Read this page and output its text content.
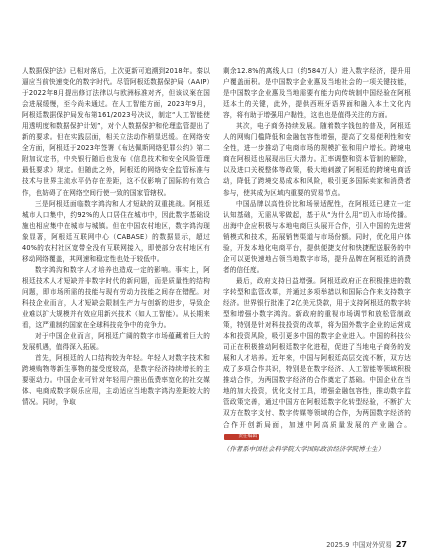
人数据保护法》已相对落后，上次更新可追溯到2018年。秦以逼应当前快速变化的数字时代。尽管阿根廷数据保护局（AAIP）于2022年8月提出修订法律以与欧洲标准对齐，但该议案在国会进展缓慢，至今尚未通过。在人工智能方面，2023年9月，阿根廷数据保护局发布第161/2023号决议，制定“人工智能使用透明度和数据保护计划”，对个人数据保护和伦理监管提出了新的要求。但在实践层面，相关立法动作稍显迟缓。在网络安全方面，阿根廷于2023年签署《布达佩斯网络犯罪公约》第二附加议定书，中央银行随后也发布《信息技术和安全风险管理最低要求》规定。但随此之外，阿根廷的网络安全监管标准与技术与世界主流水平仍存在差距，这不仅影响了国际的有效合作，也妨碍了在网络空间行使一致的国家管辖权。

三是阿根廷面临数字鸿沟和人才短缺的双重挑战。阿根廷城市人口集中，约92%的人口居住在城市中，因此数字基础设施也相应集中在城市与城镇。但在中国农村地区，数字鸿沟现象显著，阿根廷互联网中心（CABASE）的数据显示，超过40%的农村社区宽带全没有互联网接入，即使部分农村地区有移动网络覆盖，其网速和稳定性也处于较低中。

数字鸿沟和数字人才培养也造成一定的影响。事实上，阿根廷技术人才短缺并非数字时代的新问题，而是质量性的结构问题，即市场所需的技能与现有劳动力技能之间存在错配。对科技企业而言，人才短缺会限制生产力与创新的进步，导致企业难以扩大规模并有效应用新兴技术（如人工智能）。从长期来看，这严重制约国家在全球科技竞争中的竞争力。

对于中国企业而言，阿根廷广阔的数字市场蕴藏着巨大的发展机遇，值得深入拓展。

首先，阿根廷的人口结构较为年轻。年轻人对数字技术和跨境购物等新生事物的接受度较高，是数字经济持续增长的主要驱动力。中国企业可针对年轻用户推出低费率宽化的社交媒体、电商成数字娱乐应用，主动适应当地数字鸿沟差距较大的情况。同时，争取

剩余12.8%的离线人口（约584万人）进入数字经济，提升用户覆盖面积。是中国数字企业惠及当地社会的一项关键技能，是中国数字企业惠及当地需要有能力向传统制中国经验在阿根廷本土的关键，此外，提供西班牙语界面和融入本土文化内容，将有助于增强用户黏性，这也也是值得关注的方面。

其次，电子商务持续发展。随着数字钱包的普及，阿根廷人的网购门槛降低和金融包容性增强，提高了交易便利性和安全性，进一步推动了电商市场的规模扩张和用户增长。跨境电商在阿根廷也展现出巨大潜力。汇率调整和资本管制的解除，以及进口关税整体等政策，极大地刺激了阿根廷的跨境电商活动，降低了跨境交易成本和风险，吸引更多国际卖家和消费者参与，使其成为区域内重要的贸易节点。

中国品牌以高性价比和场景适配性，在阿根廷已建立一定认知基础，无需从零做起，基于从“为什么用”切入市场传播。出海中企应积极与本地电商巨头展开合作，引入中国的先进营销模式和技术，拓展销售渠道与市场份额。同时，优化用户体验，开发本地化电商平台，提供便捷支付和快捷配送服务的中企可以更快速地占领当地数字市场，提升品牌在阿根廷的消费者的信任度。

最后，政府支持日益增强。阿根廷政府正在积极推进的数字转型和监管改革，并通过多项举措以和国际合作来支持数字经济。世界银行批准了2亿美元贷款，用于支持阿根廷的数字转型和增强小数字鸿沟。新政府的重视市场调节和放松管制政策，特别是针对科技投资的改革，将为国外数字企业的运营成本和投资风险，吸引更多中国的数字企业进入。中国的科技公司正在积极推动阿根廷数字化进程，促进了当地电子商务的发展和人才培养。近年来，中国与阿根廷高层交流不断，双方达成了多项合作共识，特别是在数字经济、人工智能等领域积极推动合作，为两国数字经济的合作奠定了基础。中国企业在当地的加大投资，优化支付工具，增强金融包容性，推动数字监管政策完善，通过中国方在阿根廷数字化转型经验，不断扩大双方在数字支付、数字传媒等领域的合作，为两国数字经济的合作开创新局面，加速中阿高质量发展的产业融合。责任编辑

（作者系中国社会科学院大学国际政治经济学院博士生）
2025.9 中国对外贸易 27
